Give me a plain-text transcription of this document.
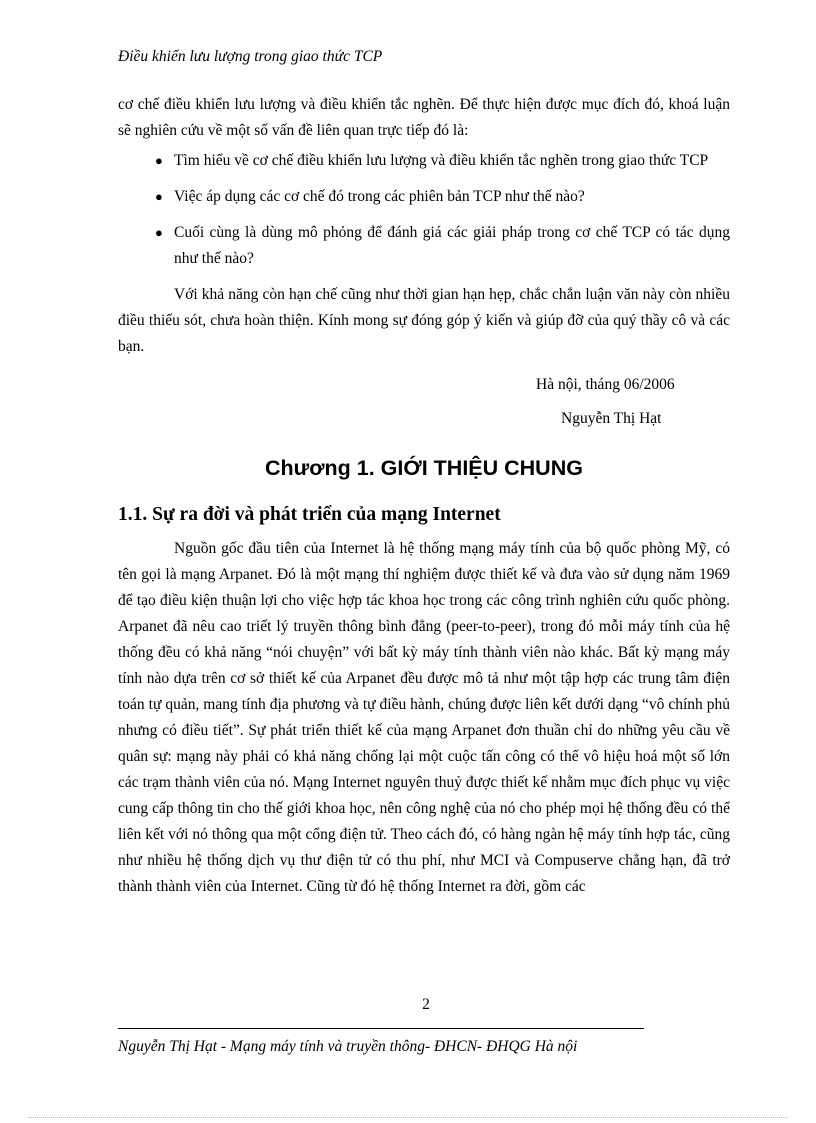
Điều khiển lưu lượng trong giao thức TCP

cơ chế điều khiển lưu lượng và điều khiển tắc nghẽn. Để thực hiện được mục đích đó, khoá luận sẽ nghiên cứu về một số vấn đề liên quan trực tiếp đó là:

● Tìm hiểu về cơ chế điều khiển lưu lượng và điều khiển tắc nghẽn trong giao thức TCP
● Việc áp dụng các cơ chế đó trong các phiên bản TCP như thế nào?
● Cuối cùng là dùng mô phỏng để đánh giá các giải pháp trong cơ chế TCP có tác dụng như thế nào?

Với khả năng còn hạn chế cũng như thời gian hạn hẹp, chắc chắn luận văn này còn nhiều điều thiếu sót, chưa hoàn thiện. Kính mong sự đóng góp ý kiến và giúp đỡ của quý thầy cô và các bạn.

Hà nội, tháng 06/2006

Nguyễn Thị Hạt

Chương 1. GIỚI THIỆU CHUNG
1.1. Sự ra đời và phát triển của mạng Internet

Nguồn gốc đầu tiên của Internet là hệ thống mạng máy tính của bộ quốc phòng Mỹ, có tên gọi là mạng Arpanet. Đó là một mạng thí nghiệm được thiết kế và đưa vào sử dụng năm 1969 để tạo điều kiện thuận lợi cho việc hợp tác khoa học trong các công trình nghiên cứu quốc phòng. Arpanet đã nêu cao triết lý truyền thông bình đẳng (peer-to-peer), trong đó mỗi máy tính của hệ thống đều có khả năng “nói chuyện” với bất kỳ máy tính thành viên nào khác. Bất kỳ mạng máy tính nào dựa trên cơ sở thiết kế của Arpanet đều được mô tả như một tập hợp các trung tâm điện toán tự quản, mang tính địa phương và tự điều hành, chúng được liên kết dưới dạng “vô chính phủ nhưng có điều tiết”. Sự phát triển thiết kế của mạng Arpanet đơn thuần chỉ do những yêu cầu về quân sự: mạng này phải có khả năng chống lại một cuộc tấn công có thể vô hiệu hoá một số lớn các trạm thành viên của nó. Mạng Internet nguyên thuỷ được thiết kế nhằm mục đích phục vụ việc cung cấp thông tin cho thế giới khoa học, nên công nghệ của nó cho phép mọi hệ thống đều có thể liên kết với nó thông qua một cổng điện tử. Theo cách đó, có hàng ngàn hệ máy tính hợp tác, cũng như nhiều hệ thống dịch vụ thư điện tử có thu phí, như MCI và Compuserve chẳng hạn, đã trở thành thành viên của Internet. Cũng từ đó hệ thống Internet ra đời, gồm các

2
Nguyễn Thị Hạt - Mạng máy tính và truyền thông- ĐHCN- ĐHQG Hà nội
